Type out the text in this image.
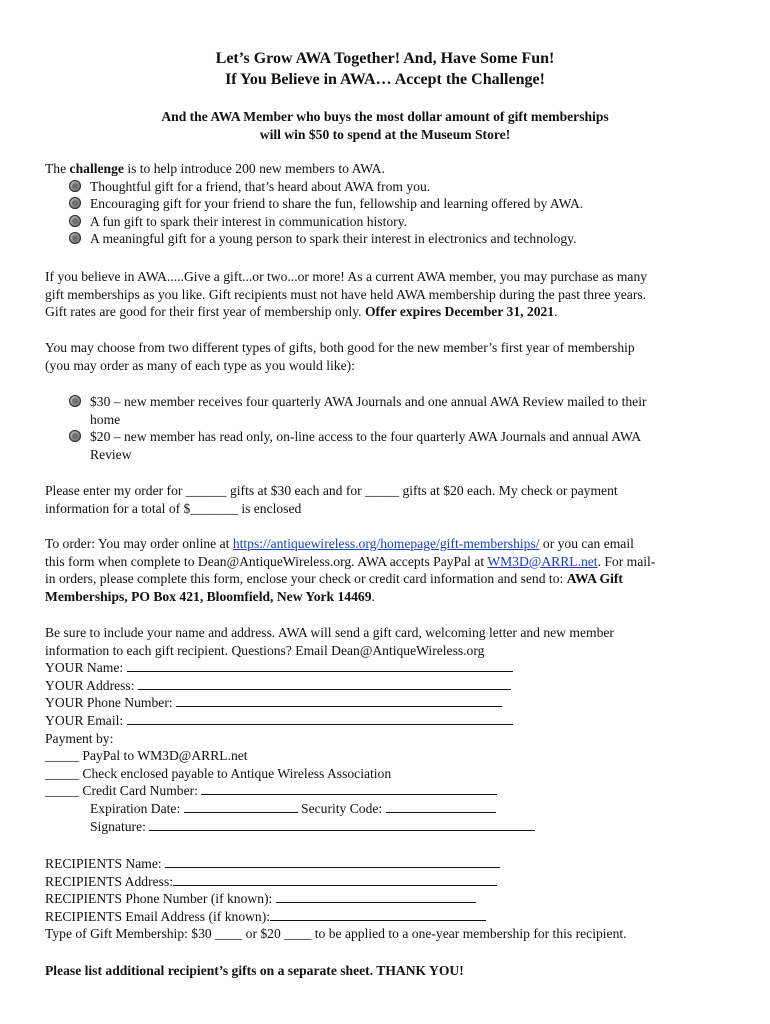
Let’s Grow AWA Together! And, Have Some Fun!
If You Believe in AWA… Accept the Challenge!
And the AWA Member who buys the most dollar amount of gift memberships
will win $50 to spend at the Museum Store!
The challenge is to help introduce 200 new members to AWA.
Thoughtful gift for a friend, that’s heard about AWA from you.
Encouraging gift for your friend to share the fun, fellowship and learning offered by AWA.
A fun gift to spark their interest in communication history.
A meaningful gift for a young person to spark their interest in electronics and technology.
If you believe in AWA.....Give a gift...or two...or more! As a current AWA member, you may purchase as many
gift memberships as you like. Gift recipients must not have held AWA membership during the past three years.
Gift rates are good for their first year of membership only. Offer expires December 31, 2021.
You may choose from two different types of gifts, both good for the new member’s first year of membership
(you may order as many of each type as you would like):
$30 – new member receives four quarterly AWA Journals and one annual AWA Review mailed to their
home
$20 – new member has read only, on-line access to the four quarterly AWA Journals and annual AWA
Review
Please enter my order for ______ gifts at $30 each and for _____ gifts at $20 each. My check or payment
information for a total of $_______ is enclosed
To order: You may order online at https://antiquewireless.org/homepage/gift-memberships/ or you can email
this form when complete to Dean@AntiqueWireless.org. AWA accepts PayPal at WM3D@ARRL.net. For mail-
in orders, please complete this form, enclose your check or credit card information and send to: AWA Gift
Memberships, PO Box 421, Bloomfield, New York 14469.
Be sure to include your name and address. AWA will send a gift card, welcoming letter and new member
information to each gift recipient. Questions? Email Dean@AntiqueWireless.org
YOUR Name:
YOUR Address:
YOUR Phone Number:
YOUR Email:
Payment by:
_____ PayPal to WM3D@ARRL.net
_____ Check enclosed payable to Antique Wireless Association
_____ Credit Card Number:
Expiration Date:	Security Code:
Signature:
RECIPIENTS Name:
RECIPIENTS Address:
RECIPIENTS Phone Number (if known):
RECIPIENTS Email Address (if known):
Type of Gift Membership: $30 ____ or $20 ____ to be applied to a one-year membership for this recipient.
Please list additional recipient’s gifts on a separate sheet. THANK YOU!
